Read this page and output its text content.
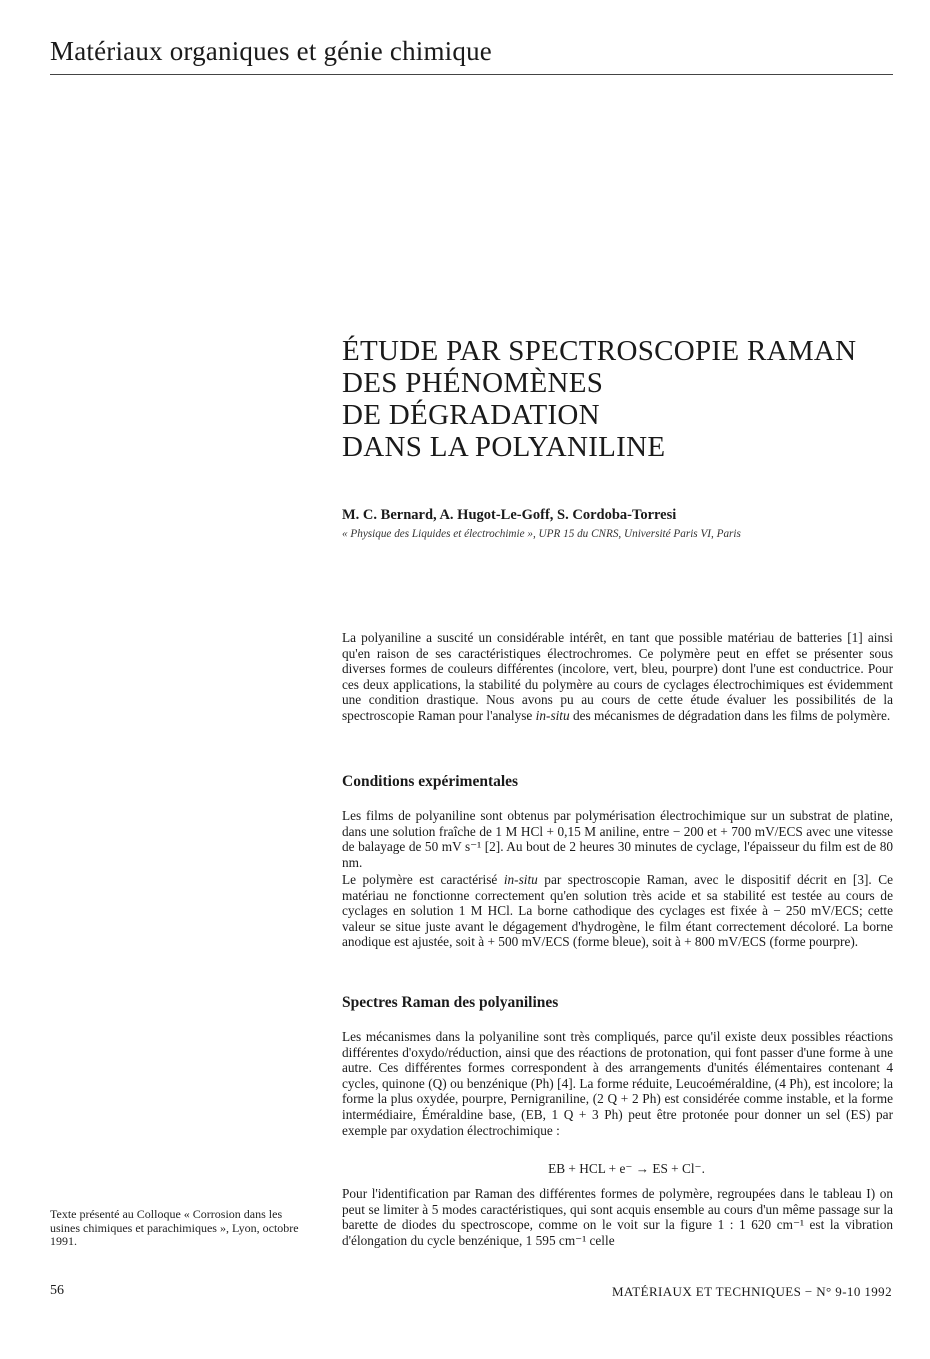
Matériaux organiques et génie chimique
ÉTUDE PAR SPECTROSCOPIE RAMAN
DES PHÉNOMÈNES
DE DÉGRADATION
DANS LA POLYANILINE
M. C. Bernard, A. Hugot-Le-Goff, S. Cordoba-Torresi
« Physique des Liquides et électrochimie », UPR 15 du CNRS, Université Paris VI, Paris

La polyaniline a suscité un considérable intérêt, en tant que possible matériau de batteries [1] ainsi qu'en raison de ses caractéristiques électrochromes. Ce polymère peut en effet se présenter sous diverses formes de couleurs différentes (incolore, vert, bleu, pourpre) dont l'une est conductrice. Pour ces deux applications, la stabilité du polymère au cours de cyclages électrochimiques est évidemment une condition drastique. Nous avons pu au cours de cette étude évaluer les possibilités de la spectroscopie Raman pour l'analyse in-situ des mécanismes de dégradation dans les films de polymère.

Conditions expérimentales

Les films de polyaniline sont obtenus par polymérisation électrochimique sur un substrat de platine, dans une solution fraîche de 1 M HCl + 0,15 M aniline, entre − 200 et + 700 mV/ECS avec une vitesse de balayage de 50 mV s⁻¹ [2]. Au bout de 2 heures 30 minutes de cyclage, l'épaisseur du film est de 80 nm.

Le polymère est caractérisé in-situ par spectroscopie Raman, avec le dispositif décrit en [3]. Ce matériau ne fonctionne correctement qu'en solution très acide et sa stabilité est testée au cours de cyclages en solution 1 M HCl. La borne cathodique des cyclages est fixée à − 250 mV/ECS; cette valeur se situe juste avant le dégagement d'hydrogène, le film étant correctement décoloré. La borne anodique est ajustée, soit à + 500 mV/ECS (forme bleue), soit à + 800 mV/ECS (forme pourpre).

Spectres Raman des polyanilines

Les mécanismes dans la polyaniline sont très compliqués, parce qu'il existe deux possibles réactions différentes d'oxydo/réduction, ainsi que des réactions de protonation, qui font passer d'une forme à une autre. Ces différentes formes correspondent à des arrangements d'unités élémentaires contenant 4 cycles, quinone (Q) ou benzénique (Ph) [4]. La forme réduite, Leucoéméraldine, (4 Ph), est incolore; la forme la plus oxydée, pourpre, Pernigraniline, (2 Q + 2 Ph) est considérée comme instable, et la forme intermédiaire, Éméraldine base, (EB, 1 Q + 3 Ph) peut être protonée pour donner un sel (ES) par exemple par oxydation électrochimique :

EB + HCL + e⁻ → ES + Cl⁻.

Pour l'identification par Raman des différentes formes de polymère, regroupées dans le tableau I) on peut se limiter à 5 modes caractéristiques, qui sont acquis ensemble au cours d'un même passage sur la barette de diodes du spectroscope, comme on le voit sur la figure 1 : 1 620 cm⁻¹ est la vibration d'élongation du cycle benzénique, 1 595 cm⁻¹ celle

Texte présenté au Colloque « Corrosion dans les usines chimiques et parachimiques », Lyon, octobre 1991.
56	MATÉRIAUX ET TECHNIQUES − N° 9-10 1992
